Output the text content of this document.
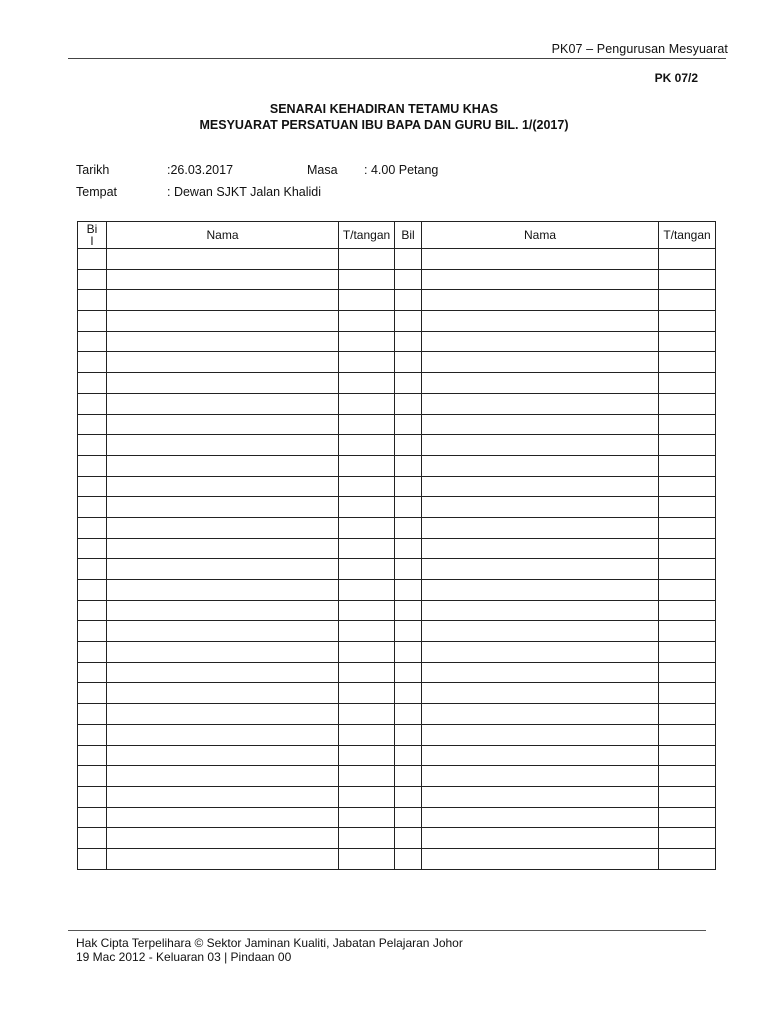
PK07 – Pengurusan Mesyuarat
PK 07/2
SENARAI KEHADIRAN TETAMU KHAS
MESYUARAT PERSATUAN IBU BAPA DAN GURU BIL. 1/(2017)
Tarikh	:26.03.2017	Masa : 4.00 Petang
Tempat	: Dewan SJKT Jalan Khalidi
Bil	Nama	T/tangan	Bil	Nama	T/tangan

Hak Cipta Terpelihara © Sektor Jaminan Kualiti, Jabatan Pelajaran Johor
19 Mac 2012 - Keluaran 03 | Pindaan 00
